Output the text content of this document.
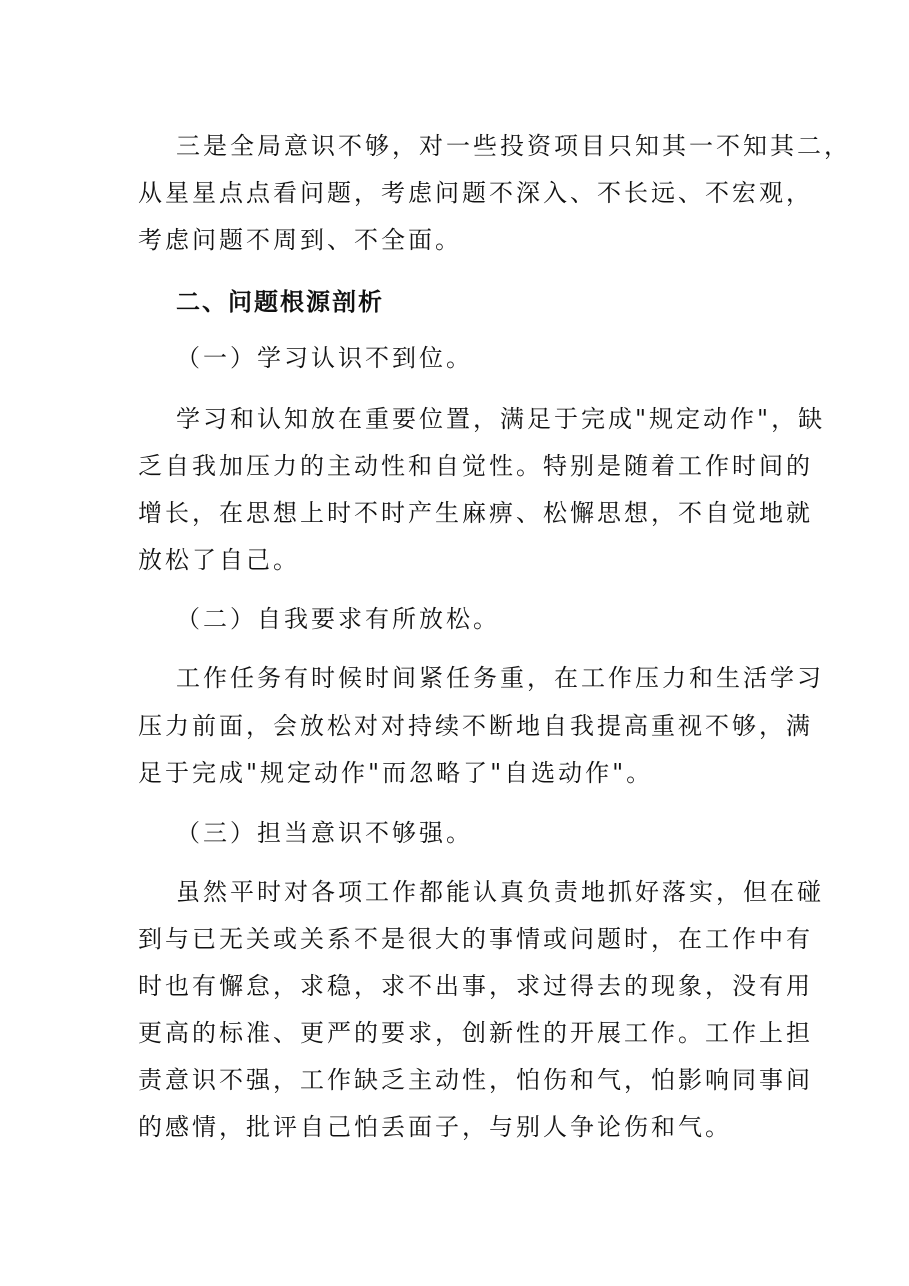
三是全局意识不够，对一些投资项目只知其一不知其二，
从星星点点看问题，考虑问题不深入、不长远、不宏观，
考虑问题不周到、不全面。
二、问题根源剖析
（一）学习认识不到位。
学习和认知放在重要位置，满足于完成"规定动作"，缺
乏自我加压力的主动性和自觉性。特别是随着工作时间的
增长，在思想上时不时产生麻痹、松懈思想，不自觉地就
放松了自己。
（二）自我要求有所放松。
工作任务有时候时间紧任务重，在工作压力和生活学习
压力前面，会放松对对持续不断地自我提高重视不够，满
足于完成"规定动作"而忽略了"自选动作"。
（三）担当意识不够强。
虽然平时对各项工作都能认真负责地抓好落实，但在碰
到与已无关或关系不是很大的事情或问题时，在工作中有
时也有懈怠，求稳，求不出事，求过得去的现象，没有用
更高的标准、更严的要求，创新性的开展工作。工作上担
责意识不强，工作缺乏主动性，怕伤和气，怕影响同事间
的感情，批评自己怕丢面子，与别人争论伤和气。
